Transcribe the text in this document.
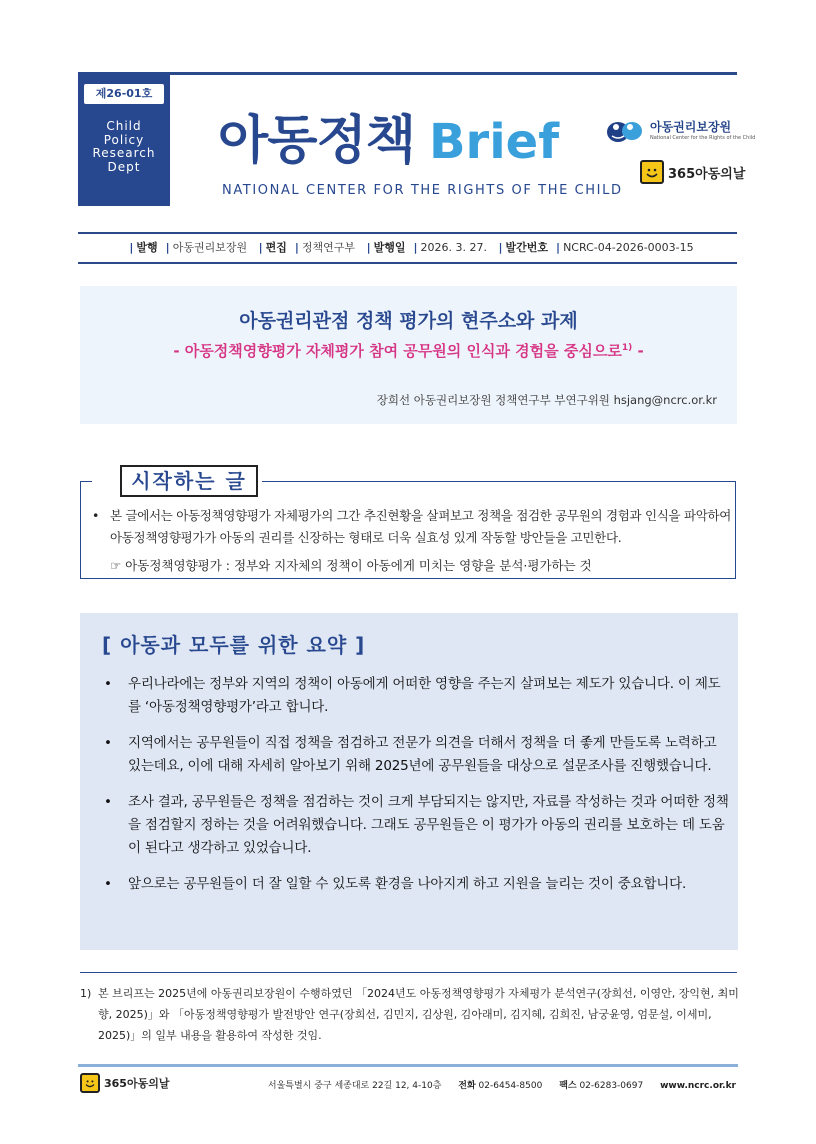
제26-01호
Child
Policy
Research
Dept	아동정책 Brief
NATIONAL CENTER FOR THE RIGHTS OF THE CHILD
아동권리보장원
National Center for the Rights of the Child
365아동의날
| 발행 | 아동권리보장원 | 편집 | 정책연구부 | 발행일 | 2026. 3. 27. | 발간번호 | NCRC-04-2026-0003-15
아동권리관점 정책 평가의 현주소와 과제
- 아동정책영향평가 자체평가 참여 공무원의 인식과 경험을 중심으로$^{1)}$ -
장희선 아동권리보장원 정책연구부 부연구위원 hsjang@ncrc.or.kr
시작하는 글
• 본 글에서는 아동정책영향평가 자체평가의 그간 추진현황을 살펴보고 정책을 점검한 공무원의 경험과 인식을 파악하여 아동정책영향평가가 아동의 권리를 신장하는 형태로 더욱 실효성 있게 작동할 방안들을 고민한다.
☞ 아동정책영향평가 : 정부와 지자체의 정책이 아동에게 미치는 영향을 분석·평가하는 것
[ 아동과 모두를 위한 요약 ]
• 우리나라에는 정부와 지역의 정책이 아동에게 어떠한 영향을 주는지 살펴보는 제도가 있습니다. 이 제도를 ‘아동정책영향평가’라고 합니다.
• 지역에서는 공무원들이 직접 정책을 점검하고 전문가 의견을 더해서 정책을 더 좋게 만들도록 노력하고 있는데요, 이에 대해 자세히 알아보기 위해 2025년에 공무원들을 대상으로 설문조사를 진행했습니다.
• 조사 결과, 공무원들은 정책을 점검하는 것이 크게 부담되지는 않지만, 자료를 작성하는 것과 어떠한 정책을 점검할지 정하는 것을 어려워했습니다. 그래도 공무원들은 이 평가가 아동의 권리를 보호하는 데 도움이 된다고 생각하고 있었습니다.
• 앞으로는 공무원들이 더 잘 일할 수 있도록 환경을 나아지게 하고 지원을 늘리는 것이 중요합니다.
1) 본 브리프는 2025년에 아동권리보장원이 수행하였던 「2024년도 아동정책영향평가 자체평가 분석연구(장희선, 이영안, 장익현, 최미향, 2025)」와 「아동정책영향평가 발전방안 연구(장희선, 김민지, 김상원, 김아래미, 김지혜, 김희진, 남궁윤영, 엄문설, 이세미, 2025)」의 일부 내용을 활용하여 작성한 것임.
365아동의날	서울특별시 중구 세종대로 22길 12, 4-10층 전화 02-6454-8500 팩스 02-6283-0697 www.ncrc.or.kr
